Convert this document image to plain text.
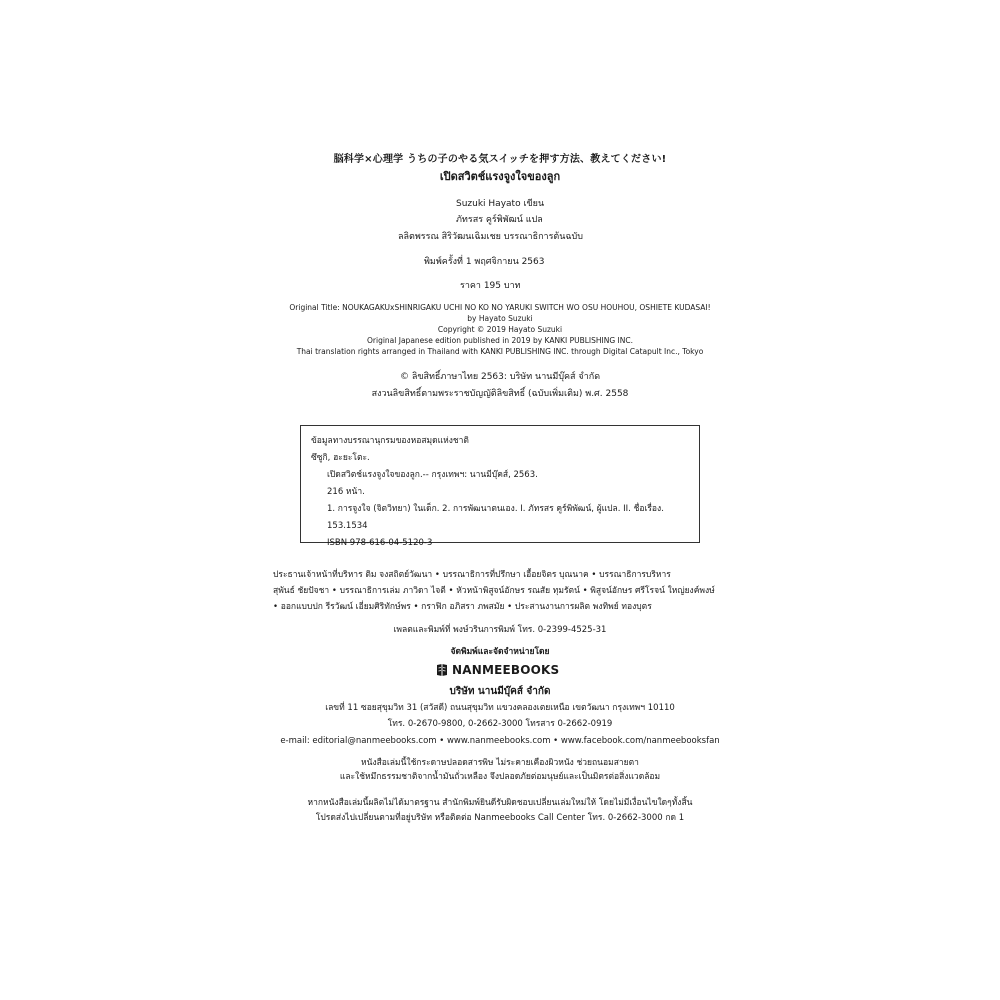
脳科学×心理学 うちの子のやる気スイッチを押す方法、教えてください!
เปิดสวิตช์แรงจูงใจของลูก
Suzuki Hayato เขียน
ภัทรสร คูร์พิพัฒน์ แปล
ลลิตพรรณ สิริวัฒนเฉิมเชย บรรณาธิการต้นฉบับ
พิมพ์ครั้งที่ 1 พฤศจิกายน 2563
ราคา 195 บาท
Original Title: NOUKAGAKUxSHINRIGAKU UCHI NO KO NO YARUKI SWITCH WO OSU HOUHOU, OSHIETE KUDASAI!
by Hayato Suzuki
Copyright © 2019 Hayato Suzuki
Original Japanese edition published in 2019 by KANKI PUBLISHING INC.
Thai translation rights arranged in Thailand with KANKI PUBLISHING INC. through Digital Catapult Inc., Tokyo
© ลิขสิทธิ์ภาษาไทย 2563: บริษัท นานมีบุ๊คส์ จำกัด
สงวนลิขสิทธิ์ตามพระราชบัญญัติลิขสิทธิ์ (ฉบับเพิ่มเติม) พ.ศ. 2558
ข้อมูลทางบรรณานุกรมของหอสมุดแห่งชาติ
ซึซูกิ, ฮะยะโตะ.
เปิดสวิตช์แรงจูงใจของลูก.-- กรุงเทพฯ: นานมีบุ๊คส์, 2563.
216 หน้า.
1. การจูงใจ (จิตวิทยา) ในเด็ก. 2. การพัฒนาตนเอง. I. ภัทรสร คูร์พิพัฒน์, ผู้แปล. II. ชื่อเรื่อง.
153.1534
ISBN 978-616-04-5120-3
ประธานเจ้าหน้าที่บริหาร ติม จงสถิตย์วัฒนา • บรรณาธิการที่ปรึกษา เอื้อยจิตร บุณนาค • บรรณาธิการบริหาร
สุพันธ์ ชัยปัจชา • บรรณาธิการเล่ม ภาวิดา ไจตี • หัวหน้าพิสูจน์อักษร รณสัย ทุมรัตน์ • พิสูจน์อักษร ศรีโรจน์ ใหญ่ยงค์พงษ์
• ออกแบบปก รีรวัฒน์ เอี่ยมศิริทักษ์พร • กราฟิก อภิสรา ภพสมัย • ประสานงานการผลิต พงทิพย์ ทองบุตร
เพลตและพิมพ์ที่ พงษ์วรินการพิมพ์ โทร. 0-2399-4525-31
จัดพิมพ์และจัดจำหน่ายโดย
NANMEEBOOKS
บริษัท นานมีบุ๊คส์ จำกัด
เลขที่ 11 ซอยสุขุมวิท 31 (สวัสดี) ถนนสุขุมวิท แขวงคลองเตยเหนือ เขตวัฒนา กรุงเทพฯ 10110
โทร. 0-2670-9800, 0-2662-3000 โทรสาร 0-2662-0919
e-mail: editorial@nanmeebooks.com • www.nanmeebooks.com • www.facebook.com/nanmeebooksfan
หนังสือเล่มนี้ใช้กระดาษปลอดสารพิษ ไม่ระคายเคืองผิวหนัง ช่วยถนอมสายตา
และใช้หมึกธรรมชาติจากน้ำมันถั่วเหลือง จึงปลอดภัยต่อมนุษย์และเป็นมิตรต่อสิ่งแวดล้อม
หากหนังสือเล่มนี้ผลิตไม่ได้มาตรฐาน สำนักพิมพ์ยินดีรับผิดชอบเปลี่ยนเล่มใหม่ให้ โดยไม่มีเงื่อนไขใดๆทั้งสิ้น
โปรดส่งไปเปลี่ยนตามที่อยู่บริษัท หรือติดต่อ Nanmeebooks Call Center โทร. 0-2662-3000 กด 1
